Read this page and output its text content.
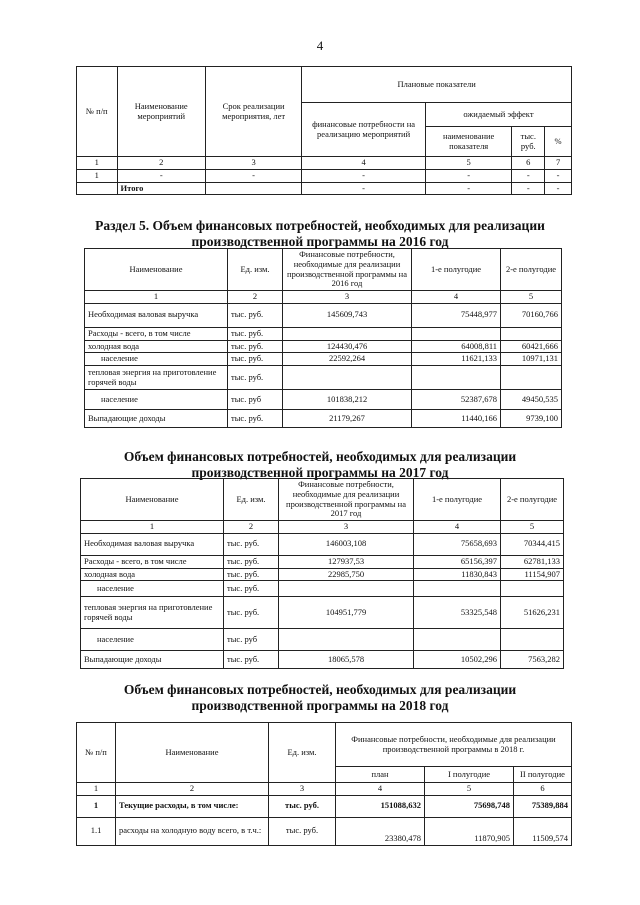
4
№ п/п	Наименование мероприятий	Срок реализации мероприятия, лет	Плановые показатели			
			финансовые потребности на реализацию мероприятий	ожидаемый эффект		
				наименование показателя	тыс. руб.	%
1	2	3	4	5	6	7
1	-	-	-	-	-	-
	Итого		-	-	-	-
Раздел 5. Объем финансовых потребностей, необходимых для реализации
производственной программы на 2016 год
Наименование	Ед. изм.	Финансовые потребности, необходимые для реализации производственной программы на 2016 год	1-е полугодие	2-е полугодие
1	2	3	4	5
Необходимая валовая выручка	тыс. руб.	145609,743	75448,977	70160,766
Расходы - всего, в том числе	тыс. руб.			
холодная вода	тыс. руб.	124430,476	64008,811	60421,666
население	тыс. руб.	22592,264	11621,133	10971,131
тепловая энергия на приготовление горячей воды	тыс. руб.			
население	тыс. руб	101838,212	52387,678	49450,535
Выпадающие доходы	тыс. руб.	21179,267	11440,166	9739,100
Объем финансовых потребностей, необходимых для реализации
производственной программы на 2017 год
Наименование	Ед. изм.	Финансовые потребности, необходимые для реализации производственной программы на 2017 год	1-е полугодие	2-е полугодие
1	2	3	4	5
Необходимая валовая выручка	тыс. руб.	146003,108	75658,693	70344,415
Расходы - всего, в том числе	тыс. руб.	127937,53	65156,397	62781,133
холодная вода	тыс. руб.	22985,750	11830,843	11154,907
население	тыс. руб.			
тепловая энергия на приготовление горячей воды	тыс. руб.	104951,779	53325,548	51626,231
население	тыс. руб			
Выпадающие доходы	тыс. руб.	18065,578	10502,296	7563,282
Объем финансовых потребностей, необходимых для реализации
производственной программы на 2018 год
№ п/п	Наименование	Ед. изм.	Финансовые потребности, необходимые для реализации производственной программы в 2018 г.		
			план	I полугодие	II полугодие
1	2	3	4	5	6
1	Текущие расходы, в том числе:	тыс. руб.	151088,632	75698,748	75389,884
1.1	расходы на холодную воду всего, в т.ч.:	тыс. руб.	23380,478	11870,905	11509,574
